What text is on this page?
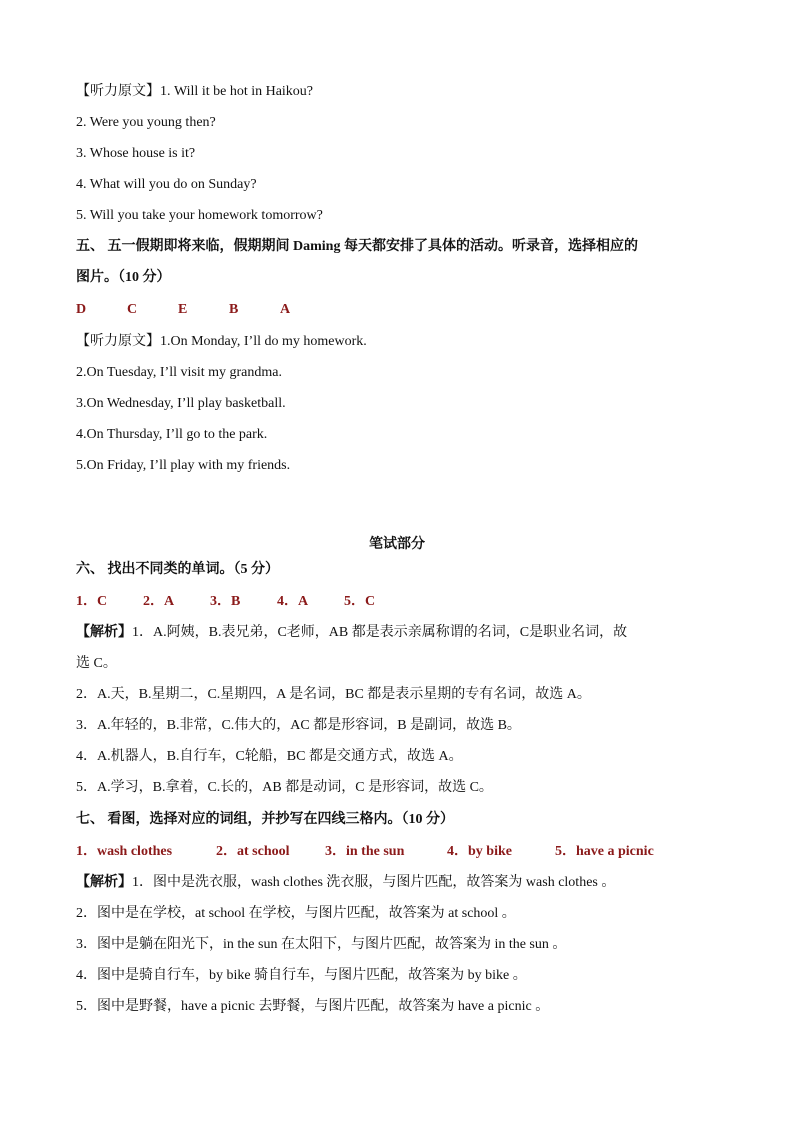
【听力原文】1. Will it be hot in Haikou?
2. Were you young then?
3. Whose house is it?
4. What will you do on Sunday?
5. Will you take your homework tomorrow?
五、 五一假期即将来临，假期期间 Daming 每天都安排了具体的活动。听录音，选择相应的
图片。（10 分）
D	C	E	B	A
【听力原文】1.On Monday, I’ll do my homework.
2.On Tuesday, I’ll visit my grandma.
3.On Wednesday, I’ll play basketball.
4.On Thursday, I’ll go to the park.
5.On Friday, I’ll play with my friends.
笔试部分
六、 找出不同类的单词。（5 分）
1．C	2．A	3．B	4．A	5．C
【解析】1．A.阿姨，B.表兄弟，C老师，AB 都是表示亲属称谓的名词，C是职业名词，故
选 C。
2．A.天，B.星期二，C.星期四，A 是名词，BC 都是表示星期的专有名词，故选 A。
3．A.年轻的，B.非常，C.伟大的，AC 都是形容词，B 是副词，故选 B。
4．A.机器人，B.自行车，C轮船，BC 都是交通方式，故选 A。
5．A.学习，B.拿着，C.长的，AB 都是动词，C 是形容词，故选 C。
七、 看图，选择对应的词组，并抄写在四线三格内。（10 分）
1．wash clothes	2．at school	3．in the sun	4．by bike	5．have a picnic
【解析】1．图中是洗衣服，wash clothes 洗衣服，与图片匹配，故答案为 wash clothes 。
2．图中是在学校，at school 在学校，与图片匹配，故答案为 at school 。
3．图中是躺在阳光下，in the sun 在太阳下，与图片匹配，故答案为 in the sun 。
4．图中是骑自行车，by bike 骑自行车，与图片匹配，故答案为 by bike 。
5．图中是野餐，have a picnic 去野餐，与图片匹配，故答案为 have a picnic 。
